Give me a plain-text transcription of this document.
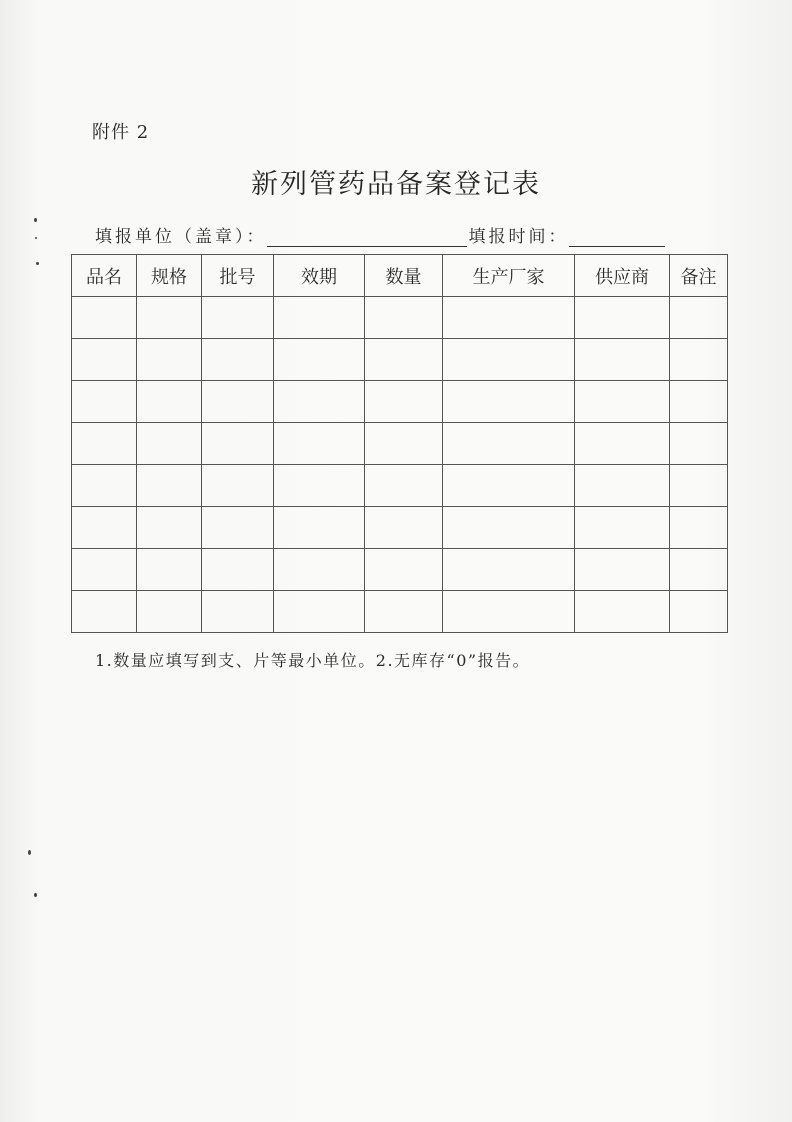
附件 2
新列管药品备案登记表
填报单位（盖章）：	填报时间：
品名	规格	批号	效期	数量	生产厂家	供应商	备注

1.数量应填写到支、片等最小单位。2.无库存“0”报告。
